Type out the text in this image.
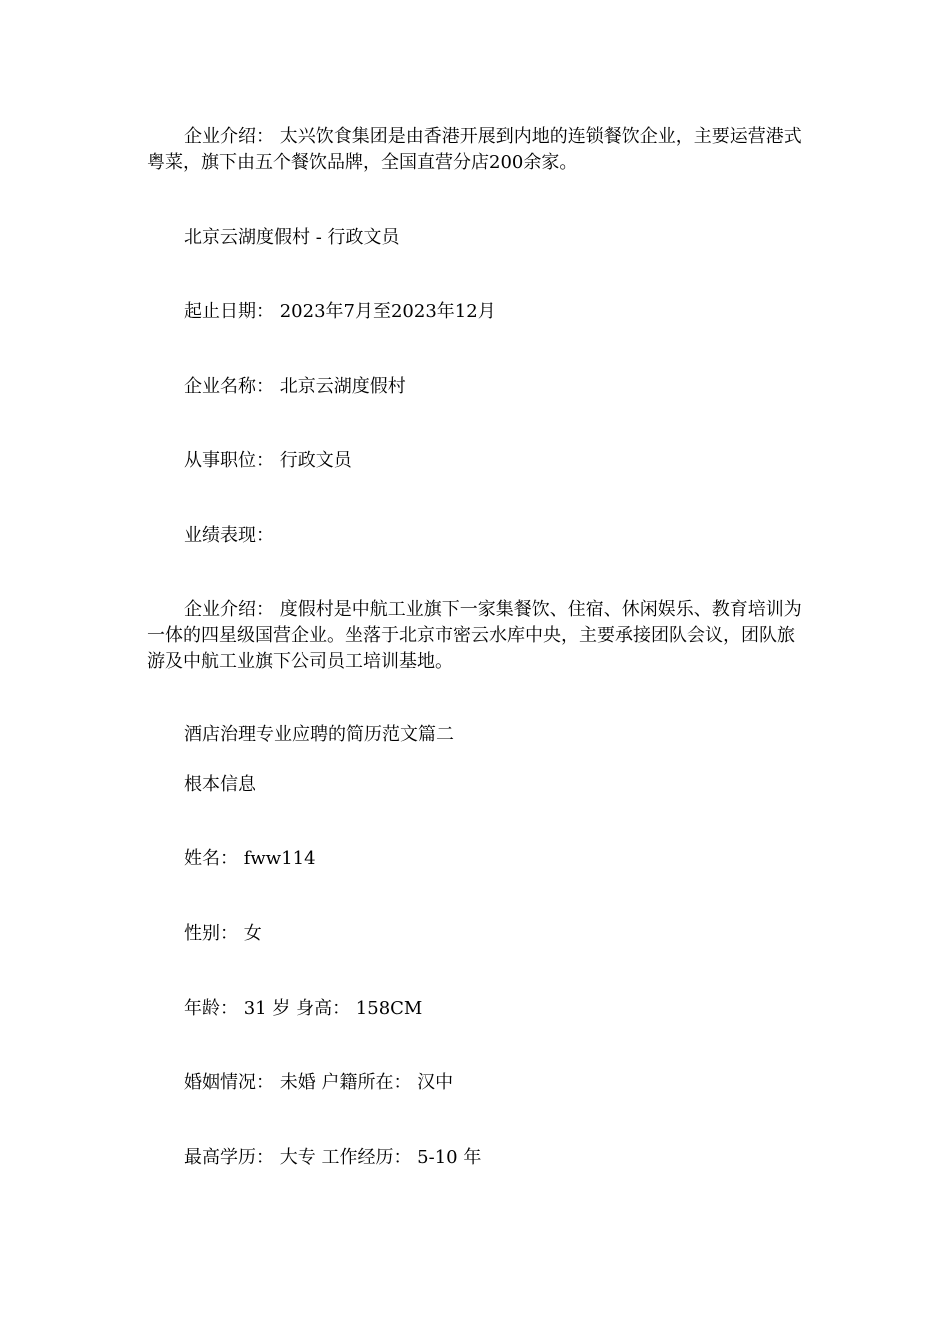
企业介绍： 太兴饮食集团是由香港开展到内地的连锁餐饮企业，主要运营港式粤菜，旗下由五个餐饮品牌，全国直营分店200余家。

北京云湖度假村 - 行政文员
起止日期： 2023年7月至2023年12月
企业名称： 北京云湖度假村
从事职位： 行政文员
业绩表现：

企业介绍： 度假村是中航工业旗下一家集餐饮、住宿、休闲娱乐、教育培训为一体的四星级国营企业。坐落于北京市密云水库中央，主要承接团队会议，团队旅游及中航工业旗下公司员工培训基地。

酒店治理专业应聘的简历范文篇二
根本信息
姓名： fww114
性别： 女
年龄： 31 岁 身高： 158CM
婚姻情况： 未婚 户籍所在： 汉中
最高学历： 大专 工作经历： 5-10 年
